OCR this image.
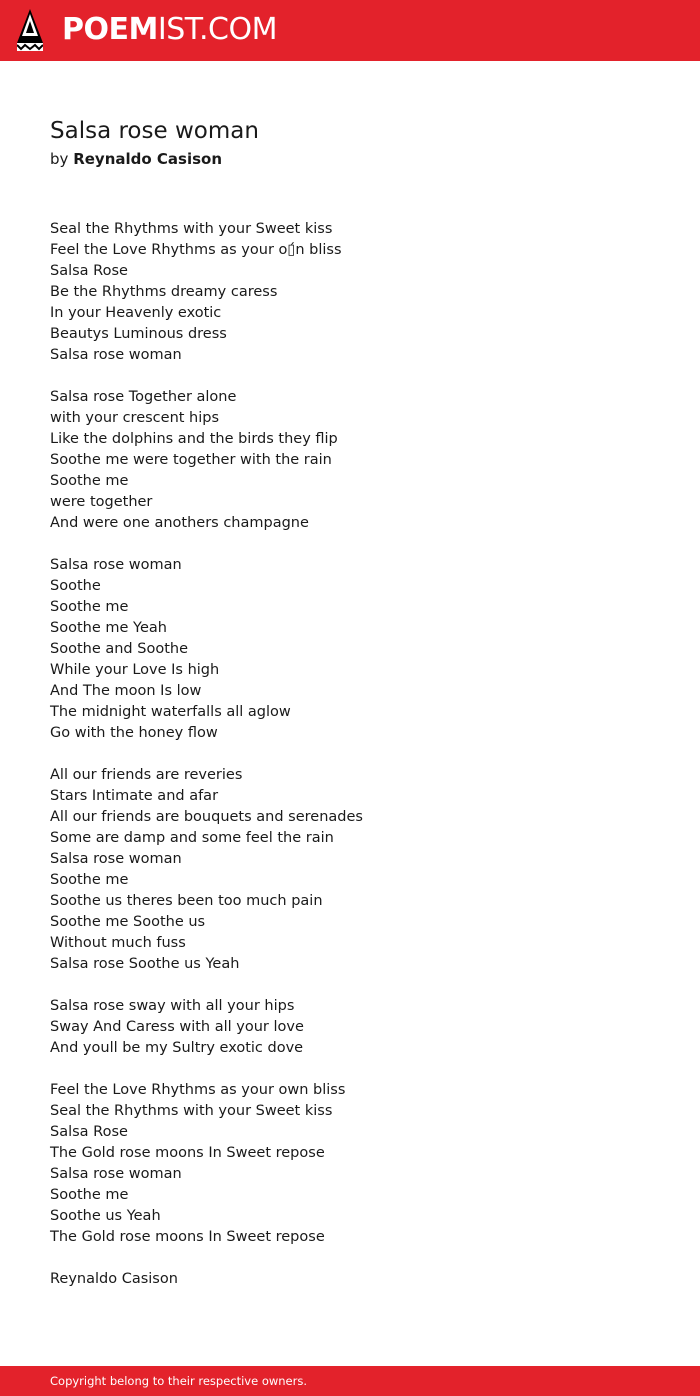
POEMIST.COM
Salsa rose woman
by Reynaldo Casison
Seal the Rhythms with your Sweet kiss
Feel the Love Rhythms as your o▯́n bliss
Salsa Rose
Be the Rhythms dreamy caress
In your Heavenly exotic
Beautys Luminous dress
Salsa rose woman
Salsa rose Together alone
with your crescent hips
Like the dolphins and the birds they flip
Soothe me were together with the rain
Soothe me
were together
And were one anothers champagne
Salsa rose woman
Soothe
Soothe me
Soothe me Yeah
Soothe and Soothe
While your Love Is high
And The moon Is low
The midnight waterfalls all aglow
Go with the honey flow
All our friends are reveries
Stars Intimate and afar
All our friends are bouquets and serenades
Some are damp and some feel the rain
Salsa rose woman
Soothe me
Soothe us theres been too much pain
Soothe me Soothe us
Without much fuss
Salsa rose Soothe us Yeah
Salsa rose sway with all your hips
Sway And Caress with all your love
And youll be my Sultry exotic dove
Feel the Love Rhythms as your own bliss
Seal the Rhythms with your Sweet kiss
Salsa Rose
The Gold rose moons In Sweet repose
Salsa rose woman
Soothe me
Soothe us Yeah
The Gold rose moons In Sweet repose
Reynaldo Casison
Copyright belong to their respective owners.
